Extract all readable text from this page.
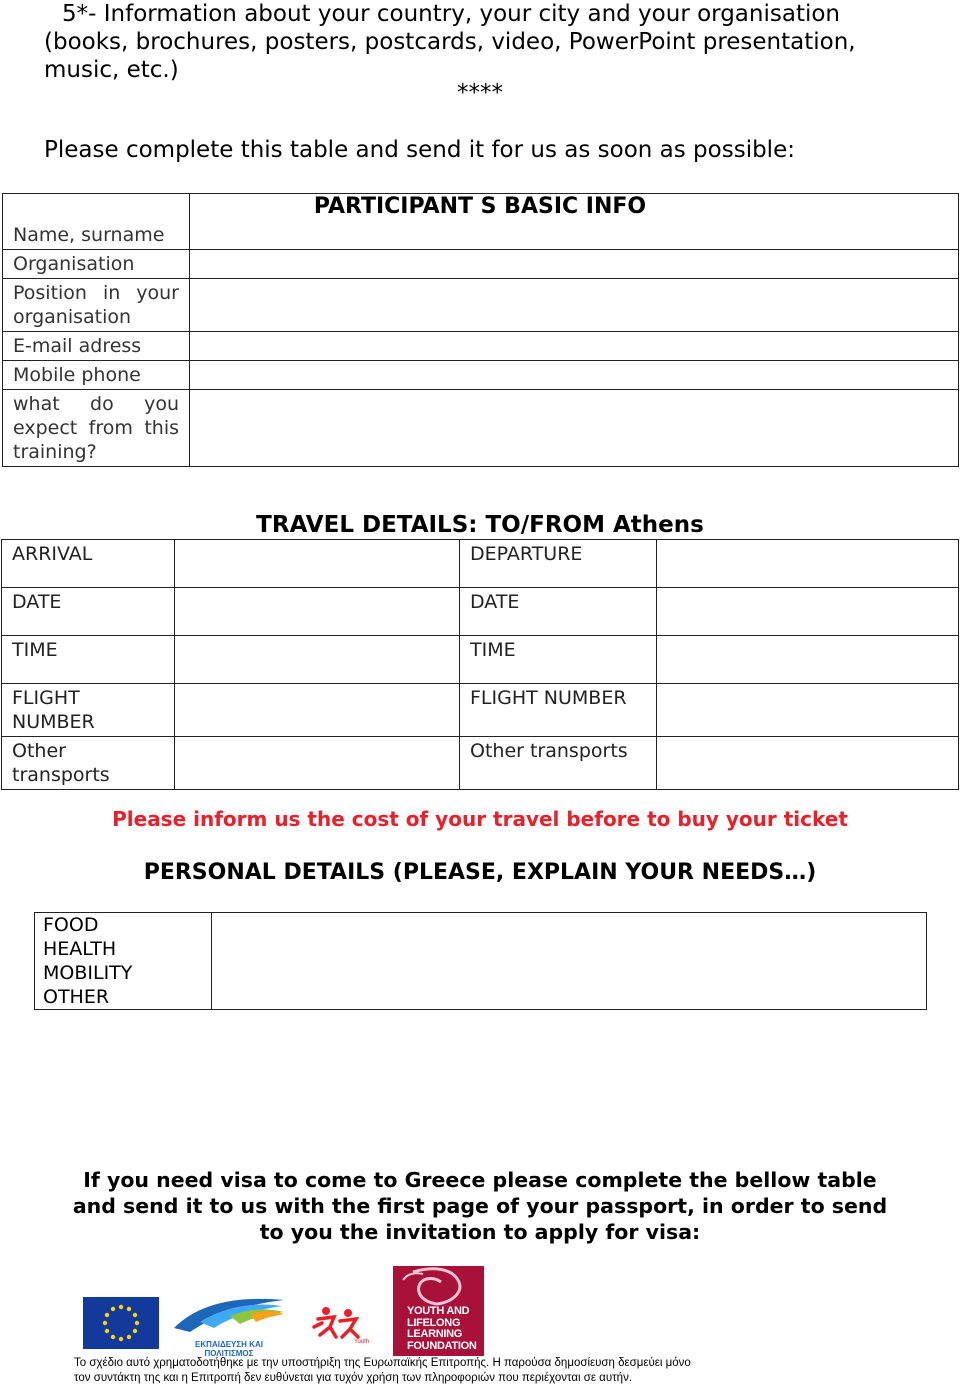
5*- Information about your country, your city and your organisation
(books, brochures, posters, postcards, video, PowerPoint presentation,
music, etc.)
****
Please complete this table and send it for us as soon as possible:
Name, surname	
Organisation	
Position in your organisation	
E-mail adress	
Mobile phone	
what do you expect from this training?	
PARTICIPANT S BASIC INFO
TRAVEL DETAILS: TO/FROM Athens
ARRIVAL		DEPARTURE	
DATE		DATE	
TIME		TIME	
FLIGHT NUMBER		FLIGHT NUMBER	
Other transports		Other transports	
Please inform us the cost of your travel before to buy your ticket
PERSONAL DETAILS (PLEASE, EXPLAIN YOUR NEEDS…)
FOOD
HEALTH
MOBILITY
OTHER

If you need visa to come to Greece please complete the bellow table and send it to us with the first page of your passport, in order to send to you the invitation to apply for visa:
ΕΚΠΑΙΔΕΥΣΗ ΚΑΙ ΠΟΛΙΤΙΣΜΟΣ
Youth
YOUTH AND LIFELONG LEARNING FOUNDATION
Το σχέδιο αυτό χρηματοδοτήθηκε με την υποστήριξη της Ευρωπαϊκής Επιτροπής. Η παρούσα δημοσίευση δεσμεύει μόνο
τον συντάκτη της και η Επιτροπή δεν ευθύνεται για τυχόν χρήση των πληροφοριών που περιέχονται σε αυτήν.
